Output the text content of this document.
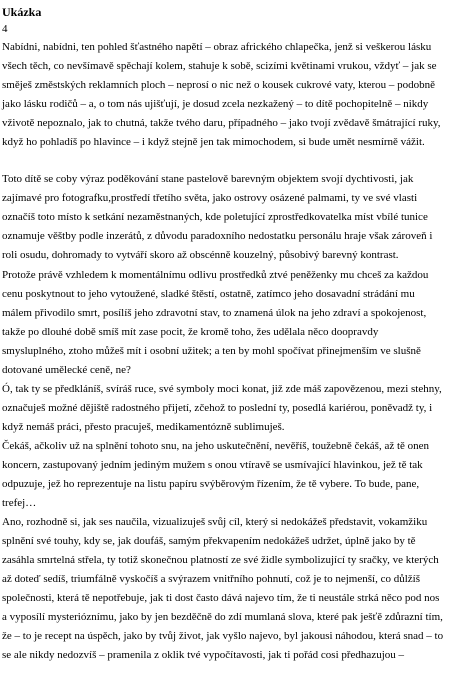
Ukázka

4

Nabídni, nabídni, ten pohled šťastného napětí – obraz afrického chlapečka, jenž si veškerou lásku
všech těch, co nevšímavě spěchají kolem, stahuje k sobě, scizími květinami vrukou, vždyť – jak se
směješ změstských reklamních ploch – neprosí o nic než o kousek cukrové vaty, kterou – podobně
jako lásku rodičů – a, o tom nás ujišťují, je dosud zcela nezkažený – to dítě pochopitelně – nikdy
vživotě nepoznalo, jak to chutná, takže tvého daru, případného – jako tvojí zvědavě šmátrající ruky,
když ho pohladíš po hlavince – i když stejně jen tak mimochodem, si bude umět nesmírně vážit.

Toto dítě se coby výraz poděkování stane pastelově barevným objektem svojí dychtivosti, jak
zajímavé pro fotografku,prostředí třetího světa, jako ostrovy osázené palmami, ty ve své vlasti
označíš toto místo k setkání nezaměstnaných, kde poletující zprostředkovatelka míst vbílé tunice
oznamuje věštby podle inzerátů, z důvodu paradoxního nedostatku personálu hraje však zároveň i
roli osudu, dohromady to vytváří skoro až obscénně kouzelný, působivý barevný kontrast.

Protože právě vzhledem k momentálnímu odlivu prostředků ztvé peněženky mu chceš za každou
cenu poskytnout to jeho vytoužené, sladké štěstí, ostatně, zatímco jeho dosavadní strádání mu
málem přivodilo smrt, posílíš jeho zdravotní stav, to znamená úlok na jeho zdraví a spokojenost,
takže po dlouhé době smíš mít zase pocit, že kromě toho, žes udělala něco doopravdy
smysluplného, ztoho můžeš mít i osobní užitek; a ten by mohl spočívat přinejmenším ve slušně
dotované umělecké ceně, ne?

Ó, tak ty se předkláníš, svíráš ruce, své symboly moci konat, již zde máš zapovězenou, mezi stehny,
označuješ možné dějiště radostného přijetí, zčehož to poslední ty, posedlá kariérou, poněvadž ty, i
když nemáš práci, přesto pracuješ, medikamentózně sublimuješ.

Čekáš, ačkoliv už na splnění tohoto snu, na jeho uskutečnění, nevěříš, toužebně čekáš, až tě onen
koncern, zastupovaný jedním jediným mužem s onou vtíravě se usmívající hlavinkou, jež tě tak
odpuzuje, jež ho reprezentuje na listu papíru svýběrovým řízením, že tě vybere. To bude, pane,
trefej…

Ano, rozhodně si, jak ses naučila, vizualizuješ svůj cíl, který si nedokážeš představit, vokamžiku
splnění své touhy, kdy se, jak doufáš, samým překvapením nedokážeš udržet, úplně jako by tě
zasáhla smrtelná střela, ty totiž skonečnou platností ze své židle symbolizující ty sračky, ve kterých
až doteď sedíš, triumfálně vyskočíš a svýrazem vnitřního pohnutí, což je to nejmenší, co důlžíš
společnosti, která tě nepotřebuje, jak ti dost často dává najevo tím, že ti neustále strká něco pod nos
a vyposílí mysterióznímu, jako by jen bezděčně do zdí mumlaná slova, které pak ješťě zdůrazní tím,
že – to je recept na úspěch, jako by tvůj život, jak vyšlo najevo, byl jakousi náhodou, která snad – to
se ale nikdy nedozvíš – pramenila z oklik tvé vypočítavosti, jak ti pořád cosi předhazujou –
